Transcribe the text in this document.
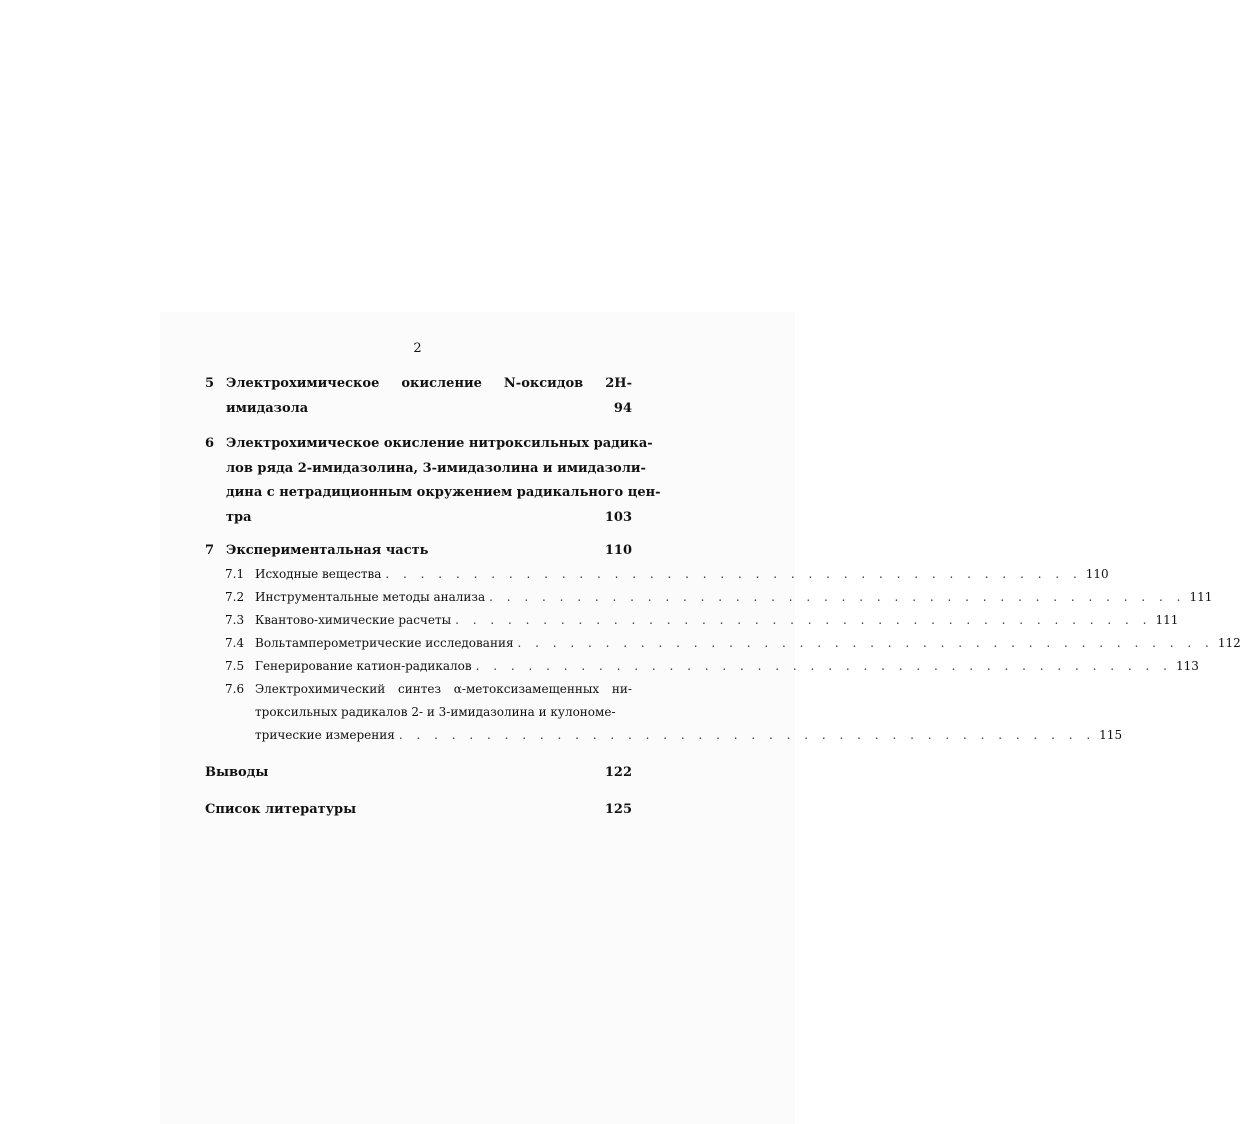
2
5 Электрохимическое окисление N-оксидов 2H-
имидазола	94
6 Электрохимическое окисление нитроксильных радика-
лов ряда 2-имидазолина, 3-имидазолина и имидазоли-
дина с нетрадиционным окружением радикального цен-
тра	103
7 Экспериментальная часть	110
7.1 Исходные вещества . . . . . . . . . . . . . . . . . . . . . . . . . . . . . . . . . . . . . . . . 110
7.2 Инструментальные методы анализа . . . . . . . . . . . . . . . . . . . . . . . . . . . . . . . . . . . . . . . . 111
7.3 Квантово-химические расчеты . . . . . . . . . . . . . . . . . . . . . . . . . . . . . . . . . . . . . . . . 111
7.4 Вольтамперометрические исследования . . . . . . . . . . . . . . . . . . . . . . . . . . . . . . . . . . . . . . . . 112
7.5 Генерирование катион-радикалов . . . . . . . . . . . . . . . . . . . . . . . . . . . . . . . . . . . . . . . . 113
7.6 Электрохимический синтез α-метоксизамещенных ни-
троксильных радикалов 2- и 3-имидазолина и кулономе-
трические измерения . . . . . . . . . . . . . . . . . . . . . . . . . . . . . . . . . . . . . . . . 115
Выводы	122
Список литературы	125
